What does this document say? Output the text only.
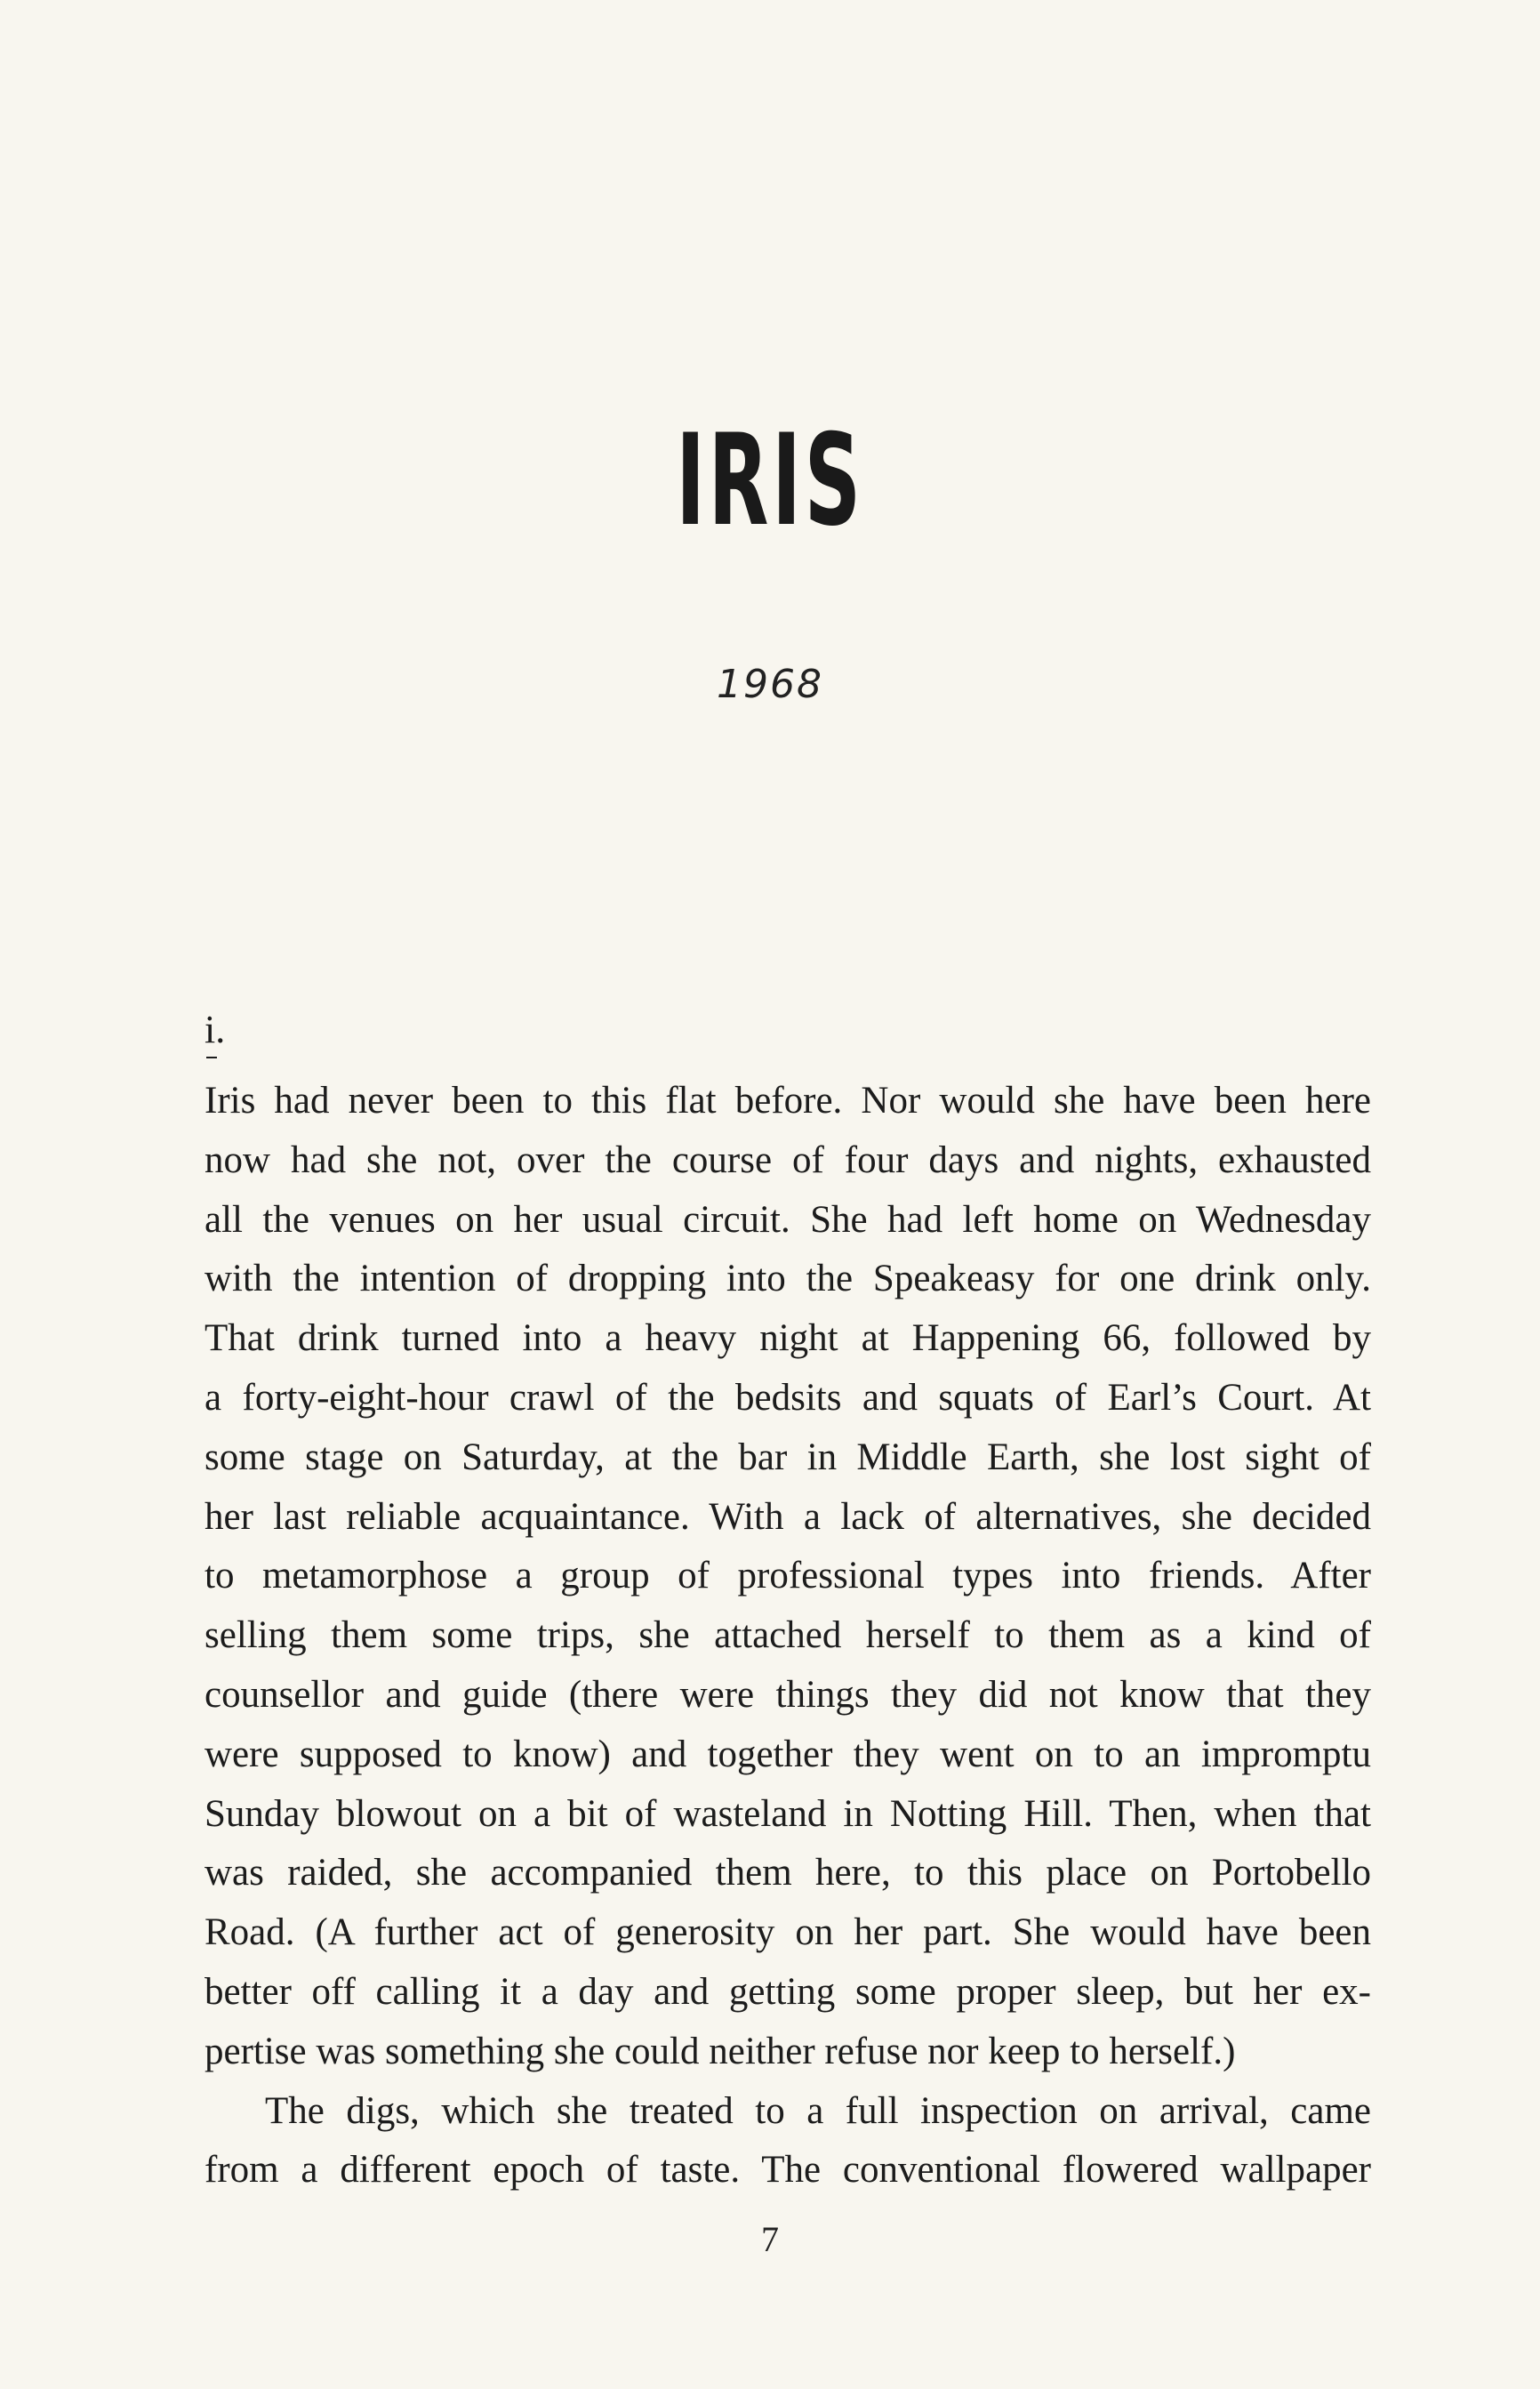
IRIS
1968
i.
Iris had never been to this flat before. Nor would she have been here
now had she not, over the course of four days and nights, exhausted
all the venues on her usual circuit. She had left home on Wednesday
with the intention of dropping into the Speakeasy for one drink only.
That drink turned into a heavy night at Happening 66, followed by
a forty-eight-hour crawl of the bedsits and squats of Earl’s Court. At
some stage on Saturday, at the bar in Middle Earth, she lost sight of
her last reliable acquaintance. With a lack of alternatives, she decided
to metamorphose a group of professional types into friends. After
selling them some trips, she attached herself to them as a kind of
counsellor and guide (there were things they did not know that they
were supposed to know) and together they went on to an impromptu
Sunday blowout on a bit of wasteland in Notting Hill. Then, when that
was raided, she accompanied them here, to this place on Portobello
Road. (A further act of generosity on her part. She would have been
better off calling it a day and getting some proper sleep, but her ex-
pertise was something she could neither refuse nor keep to herself.)
The digs, which she treated to a full inspection on arrival, came
from a different epoch of taste. The conventional flowered wallpaper
7
